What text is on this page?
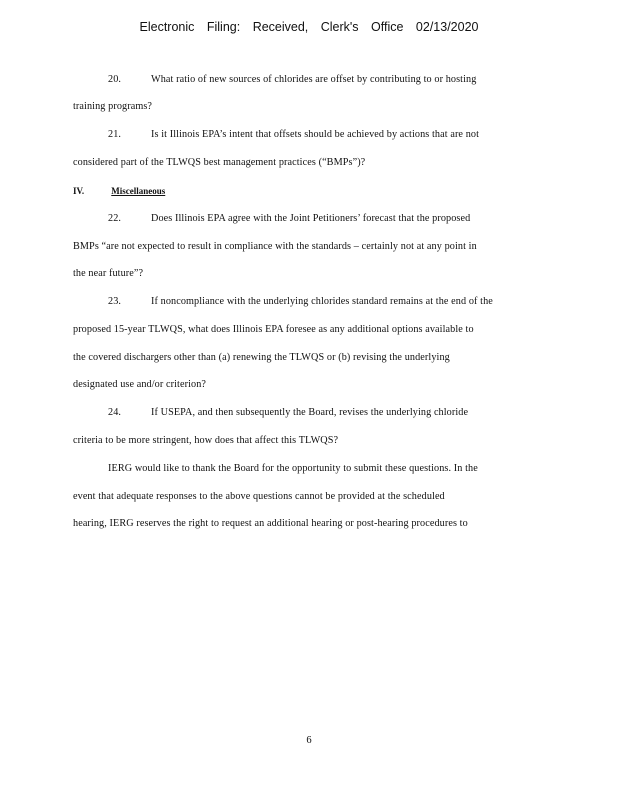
Electronic Filing: Received, Clerk's Office 02/13/2020
20.	What ratio of new sources of chlorides are offset by contributing to or hosting
training programs?
21.	Is it Illinois EPA’s intent that offsets should be achieved by actions that are not
considered part of the TLWQS best management practices (“BMPs”)?
IV.	Miscellaneous
22.	Does Illinois EPA agree with the Joint Petitioners’ forecast that the proposed
BMPs “are not expected to result in compliance with the standards – certainly not at any point in
the near future”?
23.	If noncompliance with the underlying chlorides standard remains at the end of the
proposed 15-year TLWQS, what does Illinois EPA foresee as any additional options available to
the covered dischargers other than (a) renewing the TLWQS or (b) revising the underlying
designated use and/or criterion?
24.	If USEPA, and then subsequently the Board, revises the underlying chloride
criteria to be more stringent, how does that affect this TLWQS?
IERG would like to thank the Board for the opportunity to submit these questions. In the
event that adequate responses to the above questions cannot be provided at the scheduled
hearing, IERG reserves the right to request an additional hearing or post-hearing procedures to
6
